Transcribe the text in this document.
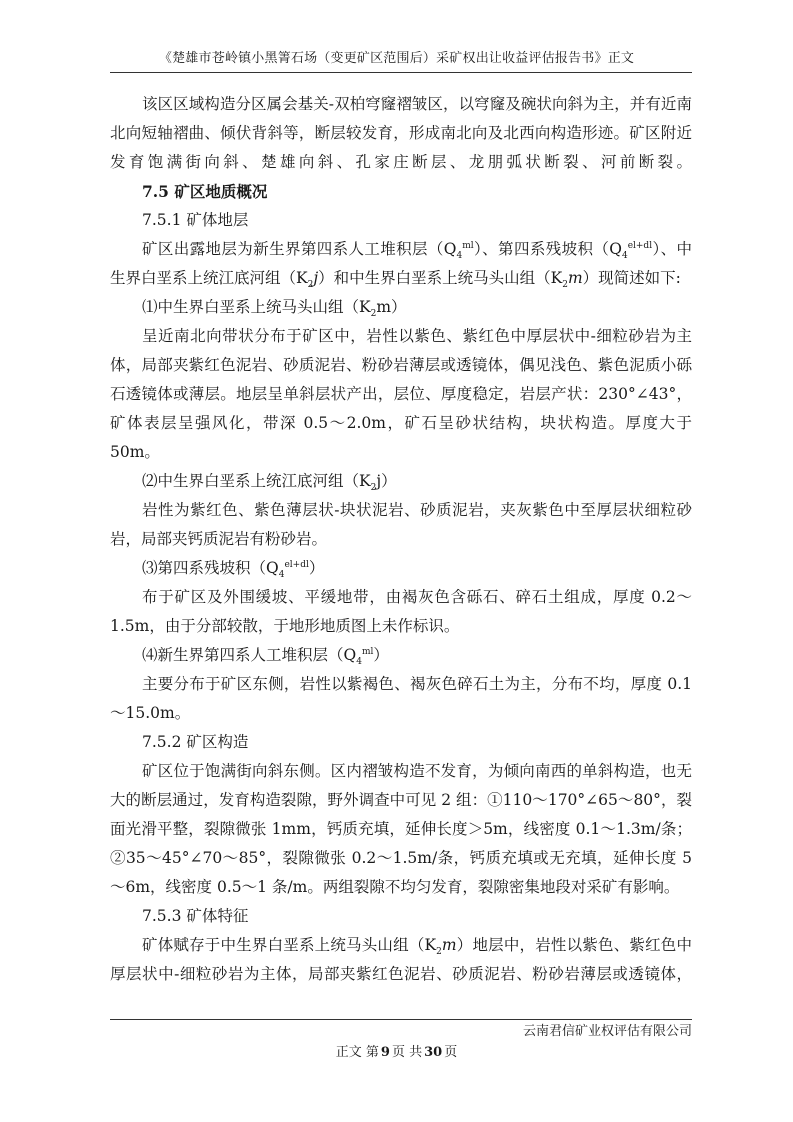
《楚雄市苍岭镇小黑箐石场（变更矿区范围后）采矿权出让收益评估报告书》正文

该区区域构造分区属会基关-双柏穹窿褶皱区，以穹窿及碗状向斜为主，并有近南北向短轴褶曲、倾伏背斜等，断层较发育，形成南北向及北西向构造形迹。矿区附近发育饱满街向斜、楚雄向斜、孔家庄断层、龙朋弧状断裂、河前断裂。

7.5 矿区地质概况
7.5.1 矿体地层

矿区出露地层为新生界第四系人工堆积层$(Q_4^{ml})$、第四系残坡积$(Q_4^{el+dl})$、中生界白垩系上统江底河组$(K_2j)$和中生界白垩系上统马头山组$(K_2m)$现简述如下:

⑴中生界白垩系上统马头山组$(K_2m)$

呈近南北向带状分布于矿区中，岩性以紫色、紫红色中厚层状中-细粒砂岩为主体，局部夹紫红色泥岩、砂质泥岩、粉砂岩薄层或透镜体，偶见浅色、紫色泥质小砾石透镜体或薄层。地层呈单斜层状产出，层位、厚度稳定，岩层产状：230°∠43°，矿体表层呈强风化，带深 0.5～2.0m，矿石呈砂状结构，块状构造。厚度大于 50m。

⑵中生界白垩系上统江底河组$(K_2j)$

岩性为紫红色、紫色薄层状-块状泥岩、砂质泥岩，夹灰紫色中至厚层状细粒砂岩，局部夹钙质泥岩有粉砂岩。

⑶第四系残坡积$(Q_4^{el+dl})$

布于矿区及外围缓坡、平缓地带，由褐灰色含砾石、碎石土组成，厚度 0.2～1.5m，由于分部较散，于地形地质图上未作标识。

⑷新生界第四系人工堆积层$(Q_4^{ml})$

主要分布于矿区东侧，岩性以紫褐色、褐灰色碎石土为主，分布不均，厚度 0.1～15.0m。

7.5.2 矿区构造

矿区位于饱满街向斜东侧。区内褶皱构造不发育，为倾向南西的单斜构造，也无大的断层通过，发育构造裂隙，野外调查中可见 2 组：①110～170°∠65～80°，裂面光滑平整，裂隙微张 1mm，钙质充填，延伸长度＞5m，线密度 0.1～1.3m/条；②35～45°∠70～85°，裂隙微张 0.2～1.5m/条，钙质充填或无充填，延伸长度 5～6m，线密度 0.5～1 条/m。两组裂隙不均匀发育，裂隙密集地段对采矿有影响。

7.5.3 矿体特征

矿体赋存于中生界白垩系上统马头山组$(K_2m)$地层中，岩性以紫色、紫红色中厚层状中-细粒砂岩为主体，局部夹紫红色泥岩、砂质泥岩、粉砂岩薄层或透镜体，

云南君信矿业权评估有限公司
正文 第 9 页 共 30 页
